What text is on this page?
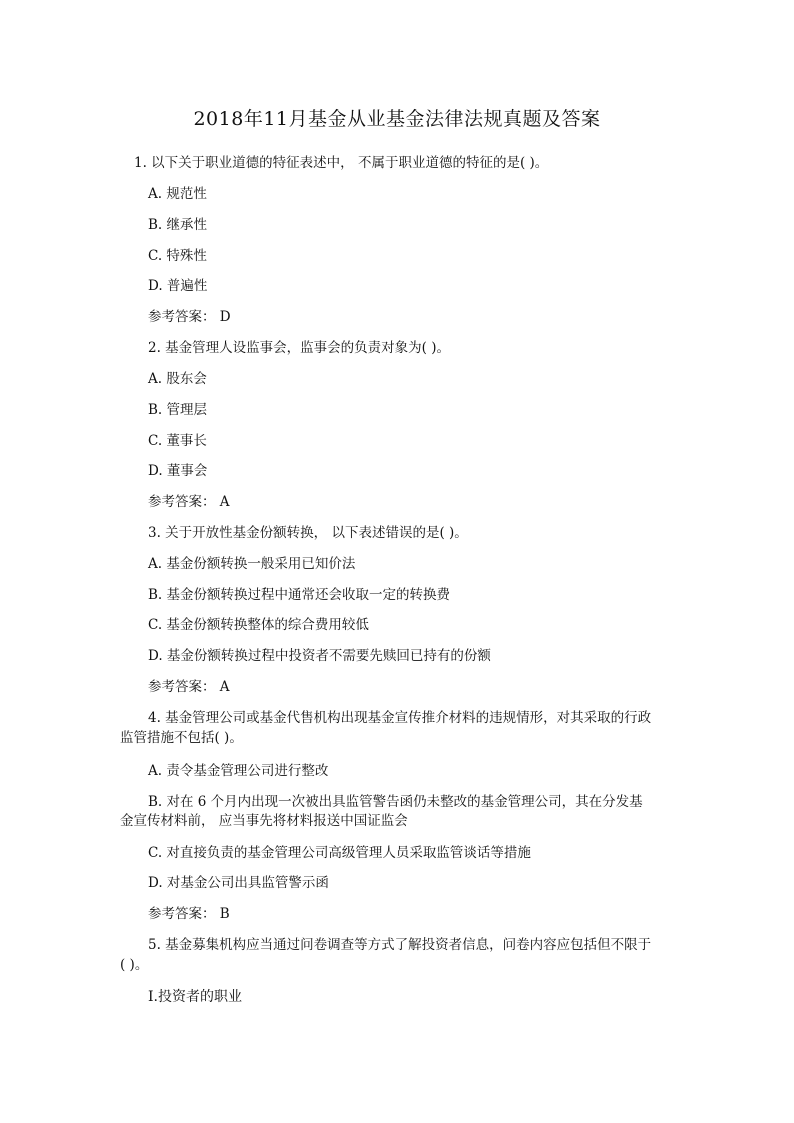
2018年11月基金从业基金法律法规真题及答案

1. 以下关于职业道德的特征表述中， 不属于职业道德的特征的是( )。

A. 规范性

B. 继承性

C. 特殊性

D. 普遍性

参考答案： D

2. 基金管理人设监事会，监事会的负责对象为( )。

A. 股东会

B. 管理层

C. 董事长

D. 董事会

参考答案： A

3. 关于开放性基金份额转换， 以下表述错误的是( )。

A. 基金份额转换一般采用已知价法

B. 基金份额转换过程中通常还会收取一定的转换费

C. 基金份额转换整体的综合费用较低

D. 基金份额转换过程中投资者不需要先赎回已持有的份额

参考答案： A

4. 基金管理公司或基金代售机构出现基金宣传推介材料的违规情形，对其采取的行政

监管措施不包括( )。

A. 责令基金管理公司进行整改

B. 对在 6 个月内出现一次被出具监管警告函仍未整改的基金管理公司，其在分发基

金宣传材料前， 应当事先将材料报送中国证监会

C. 对直接负责的基金管理公司高级管理人员采取监管谈话等措施

D. 对基金公司出具监管警示函

参考答案： B

5. 基金募集机构应当通过问卷调查等方式了解投资者信息，问卷内容应包括但不限于

( )。

Ⅰ.投资者的职业
